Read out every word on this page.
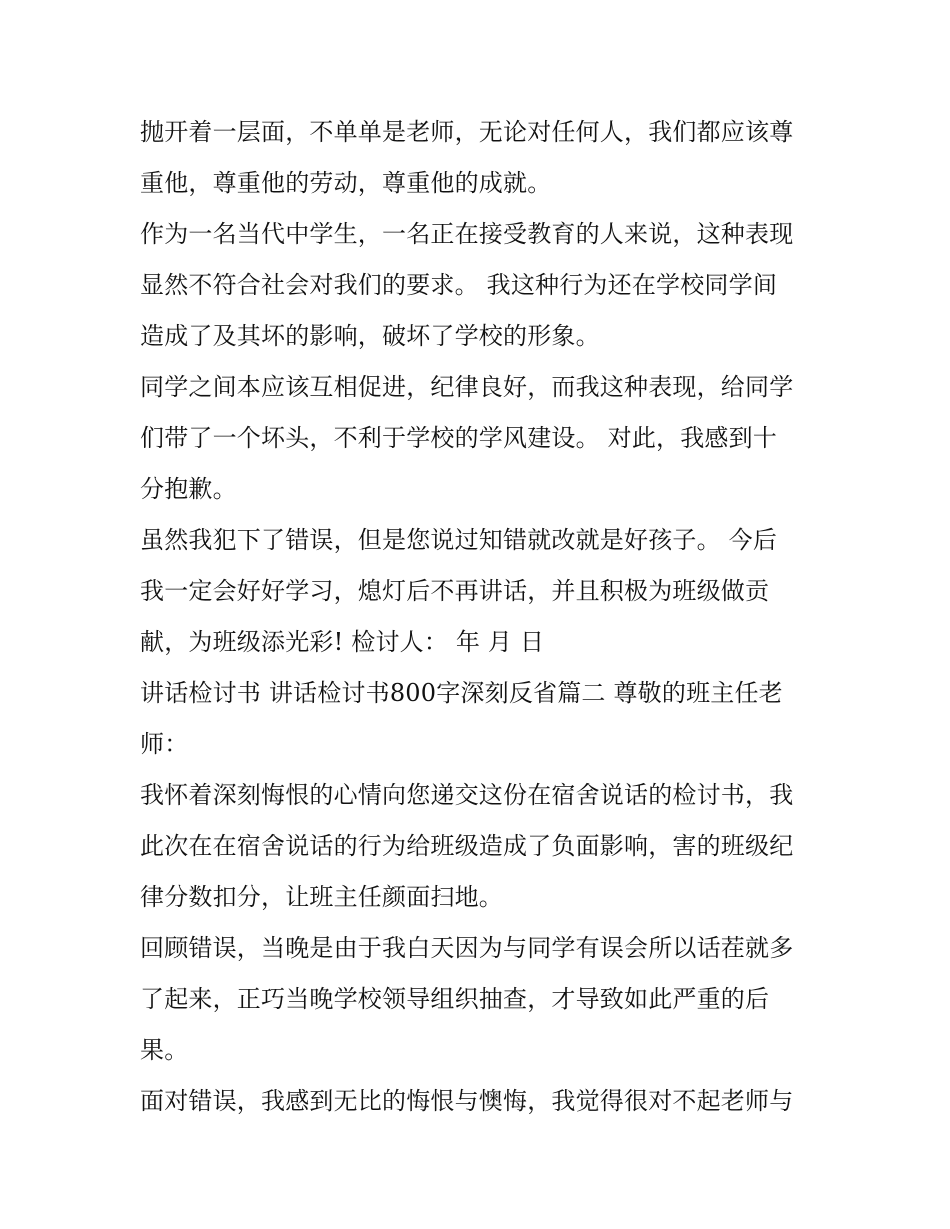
抛开着一层面，不单单是老师，无论对任何人，我们都应该尊
重他，尊重他的劳动，尊重他的成就。
作为一名当代中学生，一名正在接受教育的人来说，这种表现
显然不符合社会对我们的要求。 我这种行为还在学校同学间
造成了及其坏的影响，破坏了学校的形象。
同学之间本应该互相促进，纪律良好，而我这种表现，给同学
们带了一个坏头，不利于学校的学风建设。 对此，我感到十
分抱歉。
虽然我犯下了错误，但是您说过知错就改就是好孩子。 今后
我一定会好好学习，熄灯后不再讲话，并且积极为班级做贡
献，为班级添光彩! 检讨人： 年 月 日
讲话检讨书 讲话检讨书800字深刻反省篇二 尊敬的班主任老
师：
我怀着深刻悔恨的心情向您递交这份在宿舍说话的检讨书，我
此次在在宿舍说话的行为给班级造成了负面影响，害的班级纪
律分数扣分，让班主任颜面扫地。
回顾错误，当晚是由于我白天因为与同学有误会所以话茬就多
了起来，正巧当晚学校领导组织抽查，才导致如此严重的后
果。
面对错误，我感到无比的悔恨与懊悔，我觉得很对不起老师与
